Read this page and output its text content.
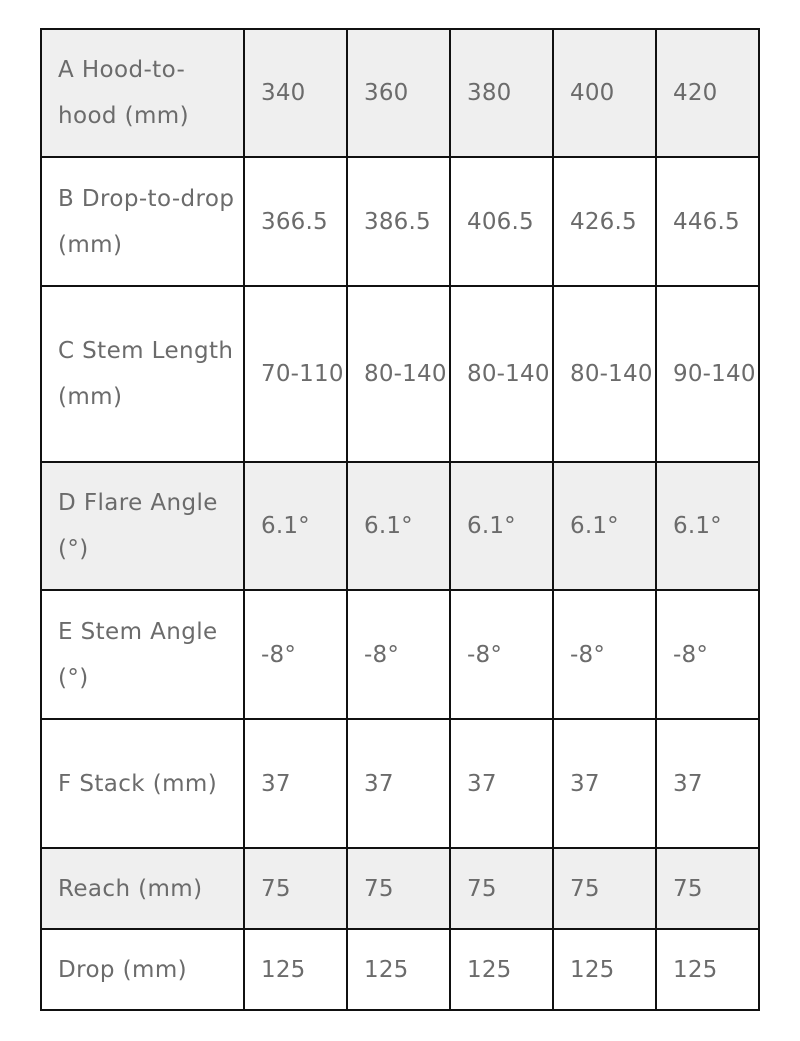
A Hood-to-hood (mm)	340	360	380	400	420
B Drop-to-drop (mm)	366.5	386.5	406.5	426.5	446.5
C Stem Length (mm)	70-110	80-140	80-140	80-140	90-140
D Flare Angle (°)	6.1°	6.1°	6.1°	6.1°	6.1°
E Stem Angle (°)	-8°	-8°	-8°	-8°	-8°
F Stack (mm)	37	37	37	37	37
Reach (mm)	75	75	75	75	75
Drop (mm)	125	125	125	125	125
